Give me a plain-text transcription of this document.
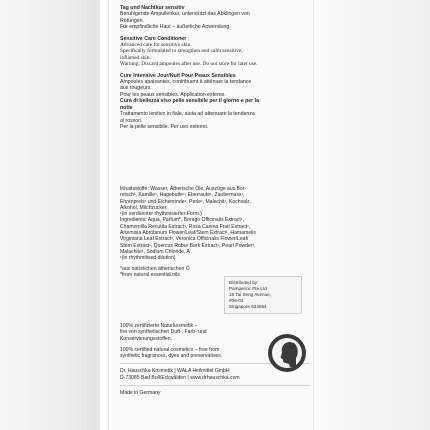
Tag und Nachtkur sensitiv

Beruhigende Ampullenkur, unterstützt das Abklingen von

Rötungen.

Für empfindliche Haut – äußerliche Anwendung.

Sensitive Care Conditioner

Advanced care for sensitive skin.

Specifically formulated to strengthen and calm sensitive,

inflamed skin.

Warning: Discard ampoules after use. Do not store for later use.

Cure Intensive Jour/Nuit Pour Peaux Sensibles

Ampoules apaisantes, contribuent à atténuer la tendance

aux rougeurs.

Pour les peaux sensibles. Application externe.

Cura di bellezza viso pelle sensibile per il giorno e per la

notte

Trattamento lenitivo in fiale, aiuta ad attenuare la tendenza

ai rossori.

Per la pelle sensibile. Per uso esterno.

Inhaltsstoffe: Wasser, Ätherische Öle, Auszüge aus Bor-

retsch¹, Kamille¹, Hagebutte¹, Eberraute¹, Zaubernuss¹,

Ehrenpreis¹ und Eichenrinde¹, Perle¹, Malachit¹, Kochsalz,

Alkohol, Milchzucker.

¹(in verdünnter rhythmisierter Form.)

Ingredients: Aqua, Parfum*, Borago Officinalis Extract¹,

Chamomilla Recutita Extract¹, Rosa Canina Fruit Extract¹,

Artemisia Abrotanum Flower/Leaf/Stem Extract¹, Hamamelis

Virginiana Leaf Extract¹, Veronica Officinalis Flower/Leaf/

Stem Extract¹, Quercus Robur Bark Extract¹, Pearl Powder¹,

Malachite¹, Sodium Chloride, A

¹(in rhythmitised dilution)

*aus natürlichen ätherischen Ö

*from natural essential oils

Distributed by:

Pamperinc Pte Ltd

19 Tai Seng Avenue,

#06-01

Singapore 534054

100% zertifizierte Naturkosmetik –

frei von synthetischen Duft-, Farb- und

Konservierungsstoffen.

100% certified natural cosmetics – free from

synthetic fragrances, dyes and preservatives.

Dr. Hauschka Kosmetik | WALA Heilmittel GmbH

D-73085 Bad Boll/Eckwälden | www.drhauschka.com

Made in Germany
